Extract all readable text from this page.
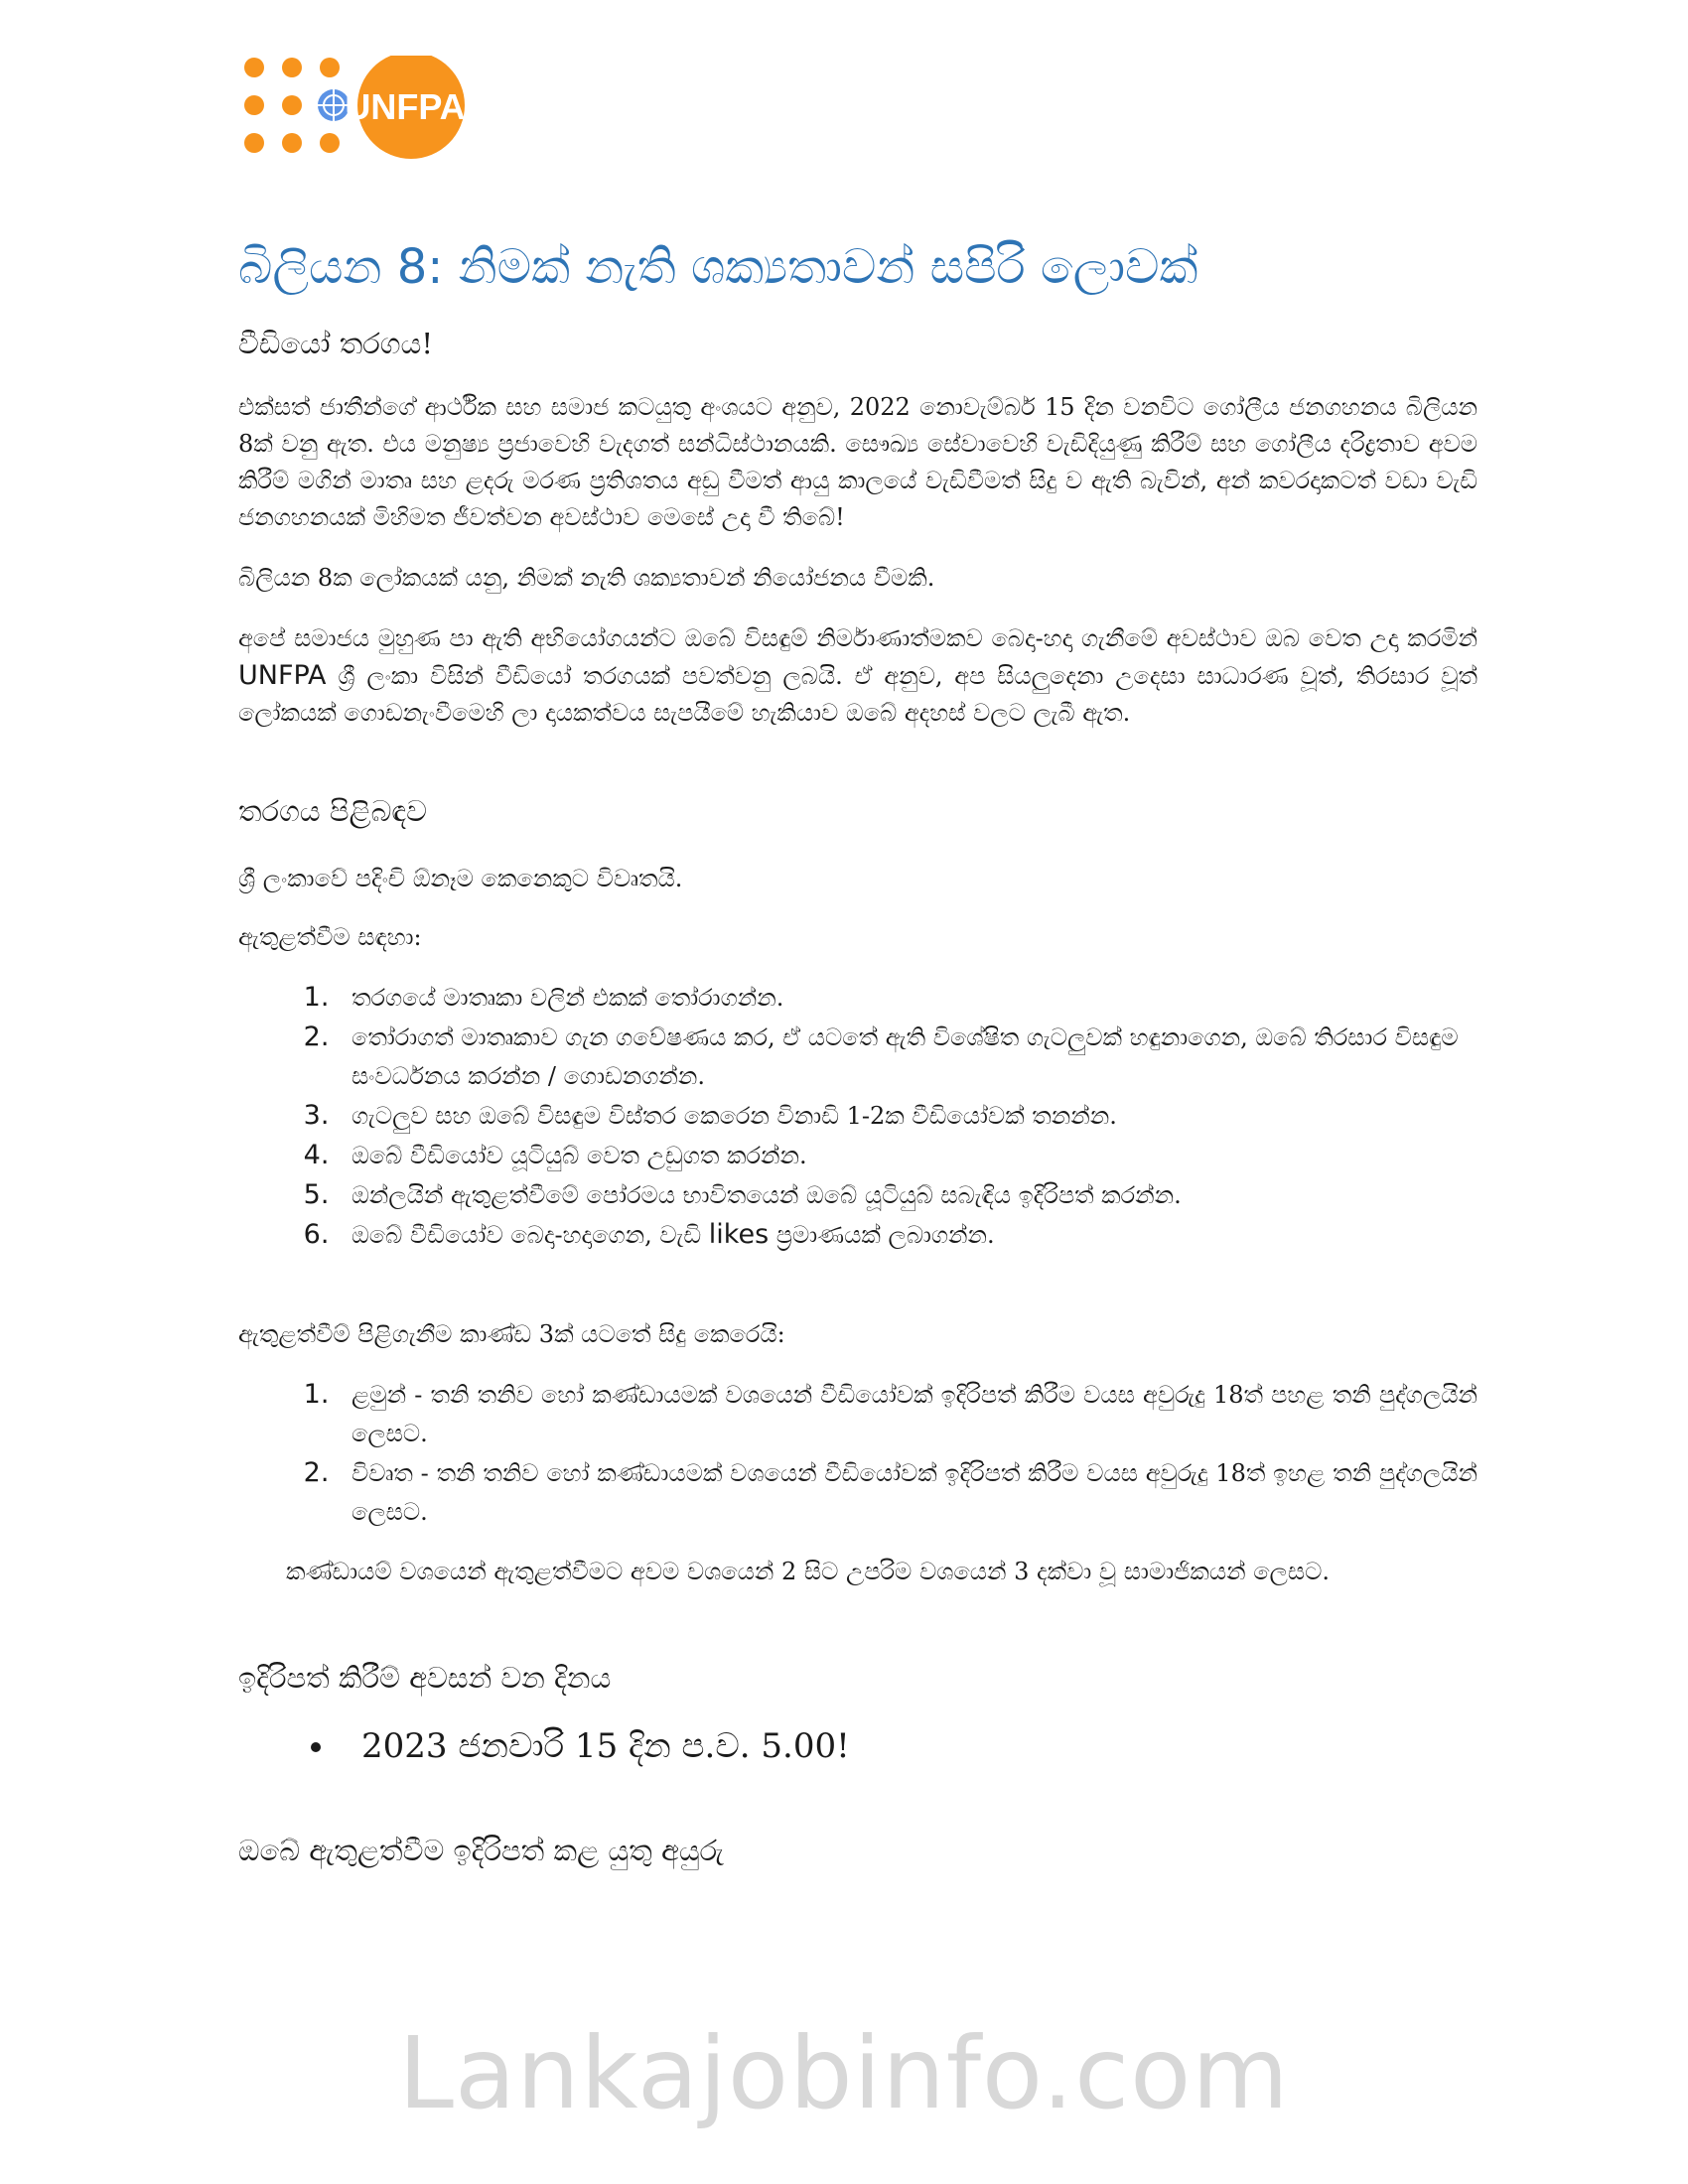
UNFPA
බිලියන 8: නිමක් නැති ශක්‍යතාවන් සපිරි ලොවක්
වීඩියෝ තරගය!

එක්සත් ජාතීන්ගේ ආර්ථික සහ සමාජ කටයුතු අංශයට අනුව, 2022 නොවැම්බර් 15 දින වනවිට ගෝලීය ජනගහනය බිලියන 8ක් වනු ඇත. එය මනුෂ්‍ය ප්‍රජාවෙහි වැදගත් සන්ධිස්ථානයකි. සෞඛ්‍ය සේවාවෙහි වැඩිදියුණු කිරීම් සහ ගෝලීය දරිද්‍රතාව අවම කිරීම් මගින් මාතෘ සහ ළදරු මරණ ප්‍රතිශතය අඩු වීමත් ආයු කාලයේ වැඩිවීමත් සිදු ව ඇති බැවින්, අන් කවරදාකටත් වඩා වැඩි ජනගහනයක් මිහිමත ජීවත්වන අවස්ථාව මෙසේ උදා වී තිබේ!

බිලියන 8ක ලෝකයක් යනු, නිමක් නැති ශක්‍යතාවන් නියෝජනය වීමකි.

අපේ සමාජය මුහුණ පා ඇති අභියෝගයන්ට ඔබේ විසඳුම් නිර්මාණාත්මකව බෙදා-හදා ගැනීමේ අවස්ථාව ඔබ වෙත උදා කරමින් UNFPA ශ්‍රී ලංකා විසින් වීඩියෝ තරගයක් පවත්වනු ලබයි. ඒ අනුව, අප සියලුදෙනා උදෙසා සාධාරණ වූත්, තිරසාර වූත් ලෝකයක් ගොඩනැංවීමෙහි ලා දායකත්වය සැපයීමේ හැකියාව ඔබේ අදහස් වලට ලැබී ඇත.

තරගය පිළිබඳව
ශ්‍රී ලංකාවේ පදිංචි ඕනෑම කෙනෙකුට විවෘතයි.
ඇතුළත්වීම සඳහා:
1. තරගයේ මාතෘකා වලින් එකක් තෝරාගන්න.
2. තෝරාගත් මාතෘකාව ගැන ගවේෂණය කර, ඒ යටතේ ඇති විශේෂිත ගැටලුවක් හඳුනාගෙන, ඔබේ තිරසාර විසඳුම සංවර්ධනය කරන්න / ගොඩනගන්න.
3. ගැටලුව සහ ඔබේ විසඳුම විස්තර කෙරෙන විනාඩි 1-2ක වීඩියෝවක් තනන්න.
4. ඔබේ වීඩියෝව යූටියුබ් වෙත උඩුගත කරන්න.
5. ඔන්ලයින් ඇතුළත්වීමේ පෝරමය භාවිතයෙන් ඔබේ යූටියුබ් සබැඳිය ඉදිරිපත් කරන්න.
6. ඔබේ වීඩියෝව බෙදා-හදාගෙන, වැඩි likes ප්‍රමාණයක් ලබාගන්න.
ඇතුළත්වීම් පිළිගැනීම කාණ්ඩ 3ක් යටතේ සිදු කෙරෙයි:
1. ළමුන් - තනි තනිව හෝ කණ්ඩායමක් වශයෙන් වීඩියෝවක් ඉදිරිපත් කිරීම වයස අවුරුදු 18ත් පහළ තනි පුද්ගලයින් ලෙසට.
2. විවෘත - තනි තනිව හෝ කණ්ඩායමක් වශයෙන් වීඩියෝවක් ඉදිරිපත් කිරීම වයස අවුරුදු 18ත් ඉහළ තනි පුද්ගලයින් ලෙසට.
කණ්ඩායම් වශයෙන් ඇතුළත්වීමට අවම වශයෙන් 2 සිට උපරිම වශයෙන් 3 දක්වා වූ සාමාජිකයන් ලෙසට.
ඉදිරිපත් කිරීම් අවසන් වන දිනය
• 2023 ජනවාරි 15 දින ප.ව. 5.00!
ඔබේ ඇතුළත්වීම ඉදිරිපත් කළ යුතු අයුරු
Lankajobinfo.com
